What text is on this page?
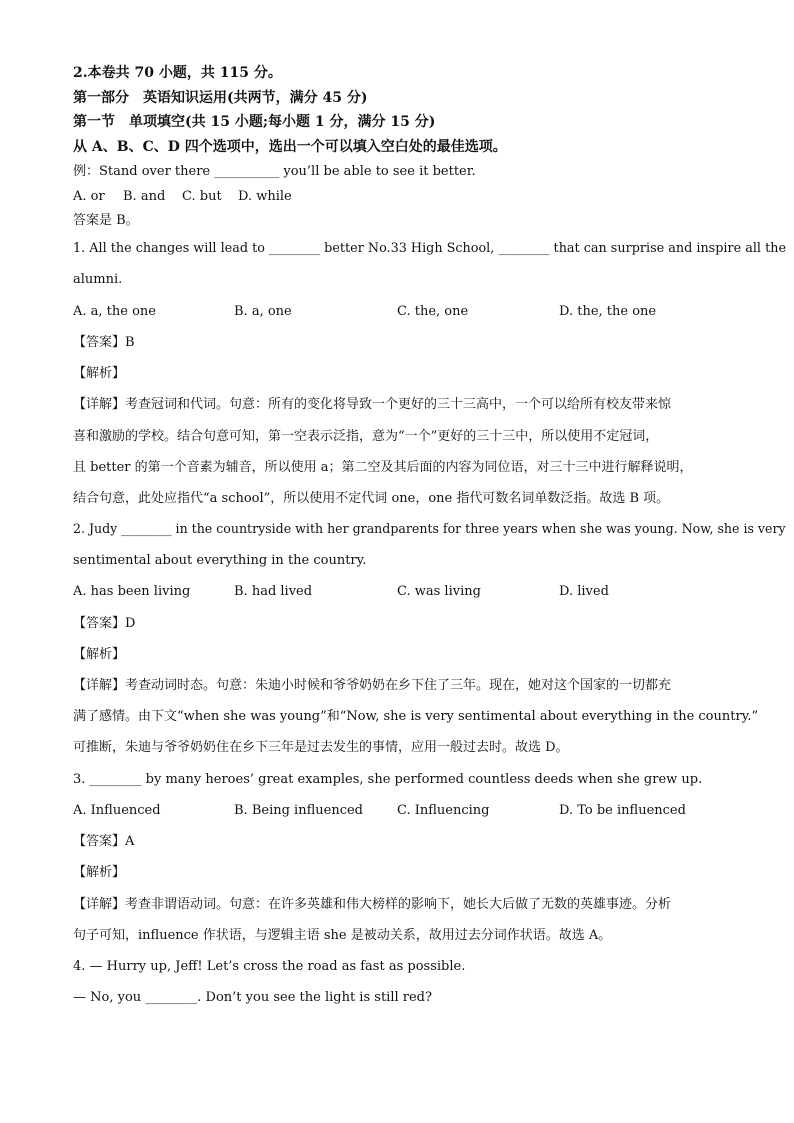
2.本卷共 70 小题，共 115 分。
第一部分　英语知识运用(共两节，满分 45 分)
第一节　单项填空(共 15 小题;每小题 1 分，满分 15 分)
从 A、B、C、D 四个选项中，选出一个可以填入空白处的最佳选项。
例：Stand over there __________ you’ll be able to see it better.
A. or B. and C. but D. while
答案是 B。
1. All the changes will lead to ________ better No.33 High School, ________ that can surprise and inspire all the
alumni.
A. a, the one	B. a, one	C. the, one	D. the, the one
【答案】B
【解析】
【详解】考查冠词和代词。句意：所有的变化将导致一个更好的三十三高中，一个可以给所有校友带来惊
喜和激励的学校。结合句意可知，第一空表示泛指，意为“一个”更好的三十三中，所以使用不定冠词，
且 better 的第一个音素为辅音，所以使用 a；第二空及其后面的内容为同位语，对三十三中进行解释说明，
结合句意，此处应指代“a school”，所以使用不定代词 one，one 指代可数名词单数泛指。故选 B 项。
2. Judy ________ in the countryside with her grandparents for three years when she was young. Now, she is very
sentimental about everything in the country.
A. has been living	B. had lived	C. was living	D. lived
【答案】D
【解析】
【详解】考查动词时态。句意：朱迪小时候和爷爷奶奶在乡下住了三年。现在，她对这个国家的一切都充
满了感情。由下文“when she was young”和“Now, she is very sentimental about everything in the country.”
可推断，朱迪与爷爷奶奶住在乡下三年是过去发生的事情，应用一般过去时。故选 D。
3. ________ by many heroes’ great examples, she performed countless deeds when she grew up.
A. Influenced	B. Being influenced	C. Influencing	D. To be influenced
【答案】A
【解析】
【详解】考查非谓语动词。句意：在许多英雄和伟大榜样的影响下，她长大后做了无数的英雄事迹。分析
句子可知，influence 作状语，与逻辑主语 she 是被动关系，故用过去分词作状语。故选 A。
4. — Hurry up, Jeff! Let’s cross the road as fast as possible.
— No, you ________. Don’t you see the light is still red?
